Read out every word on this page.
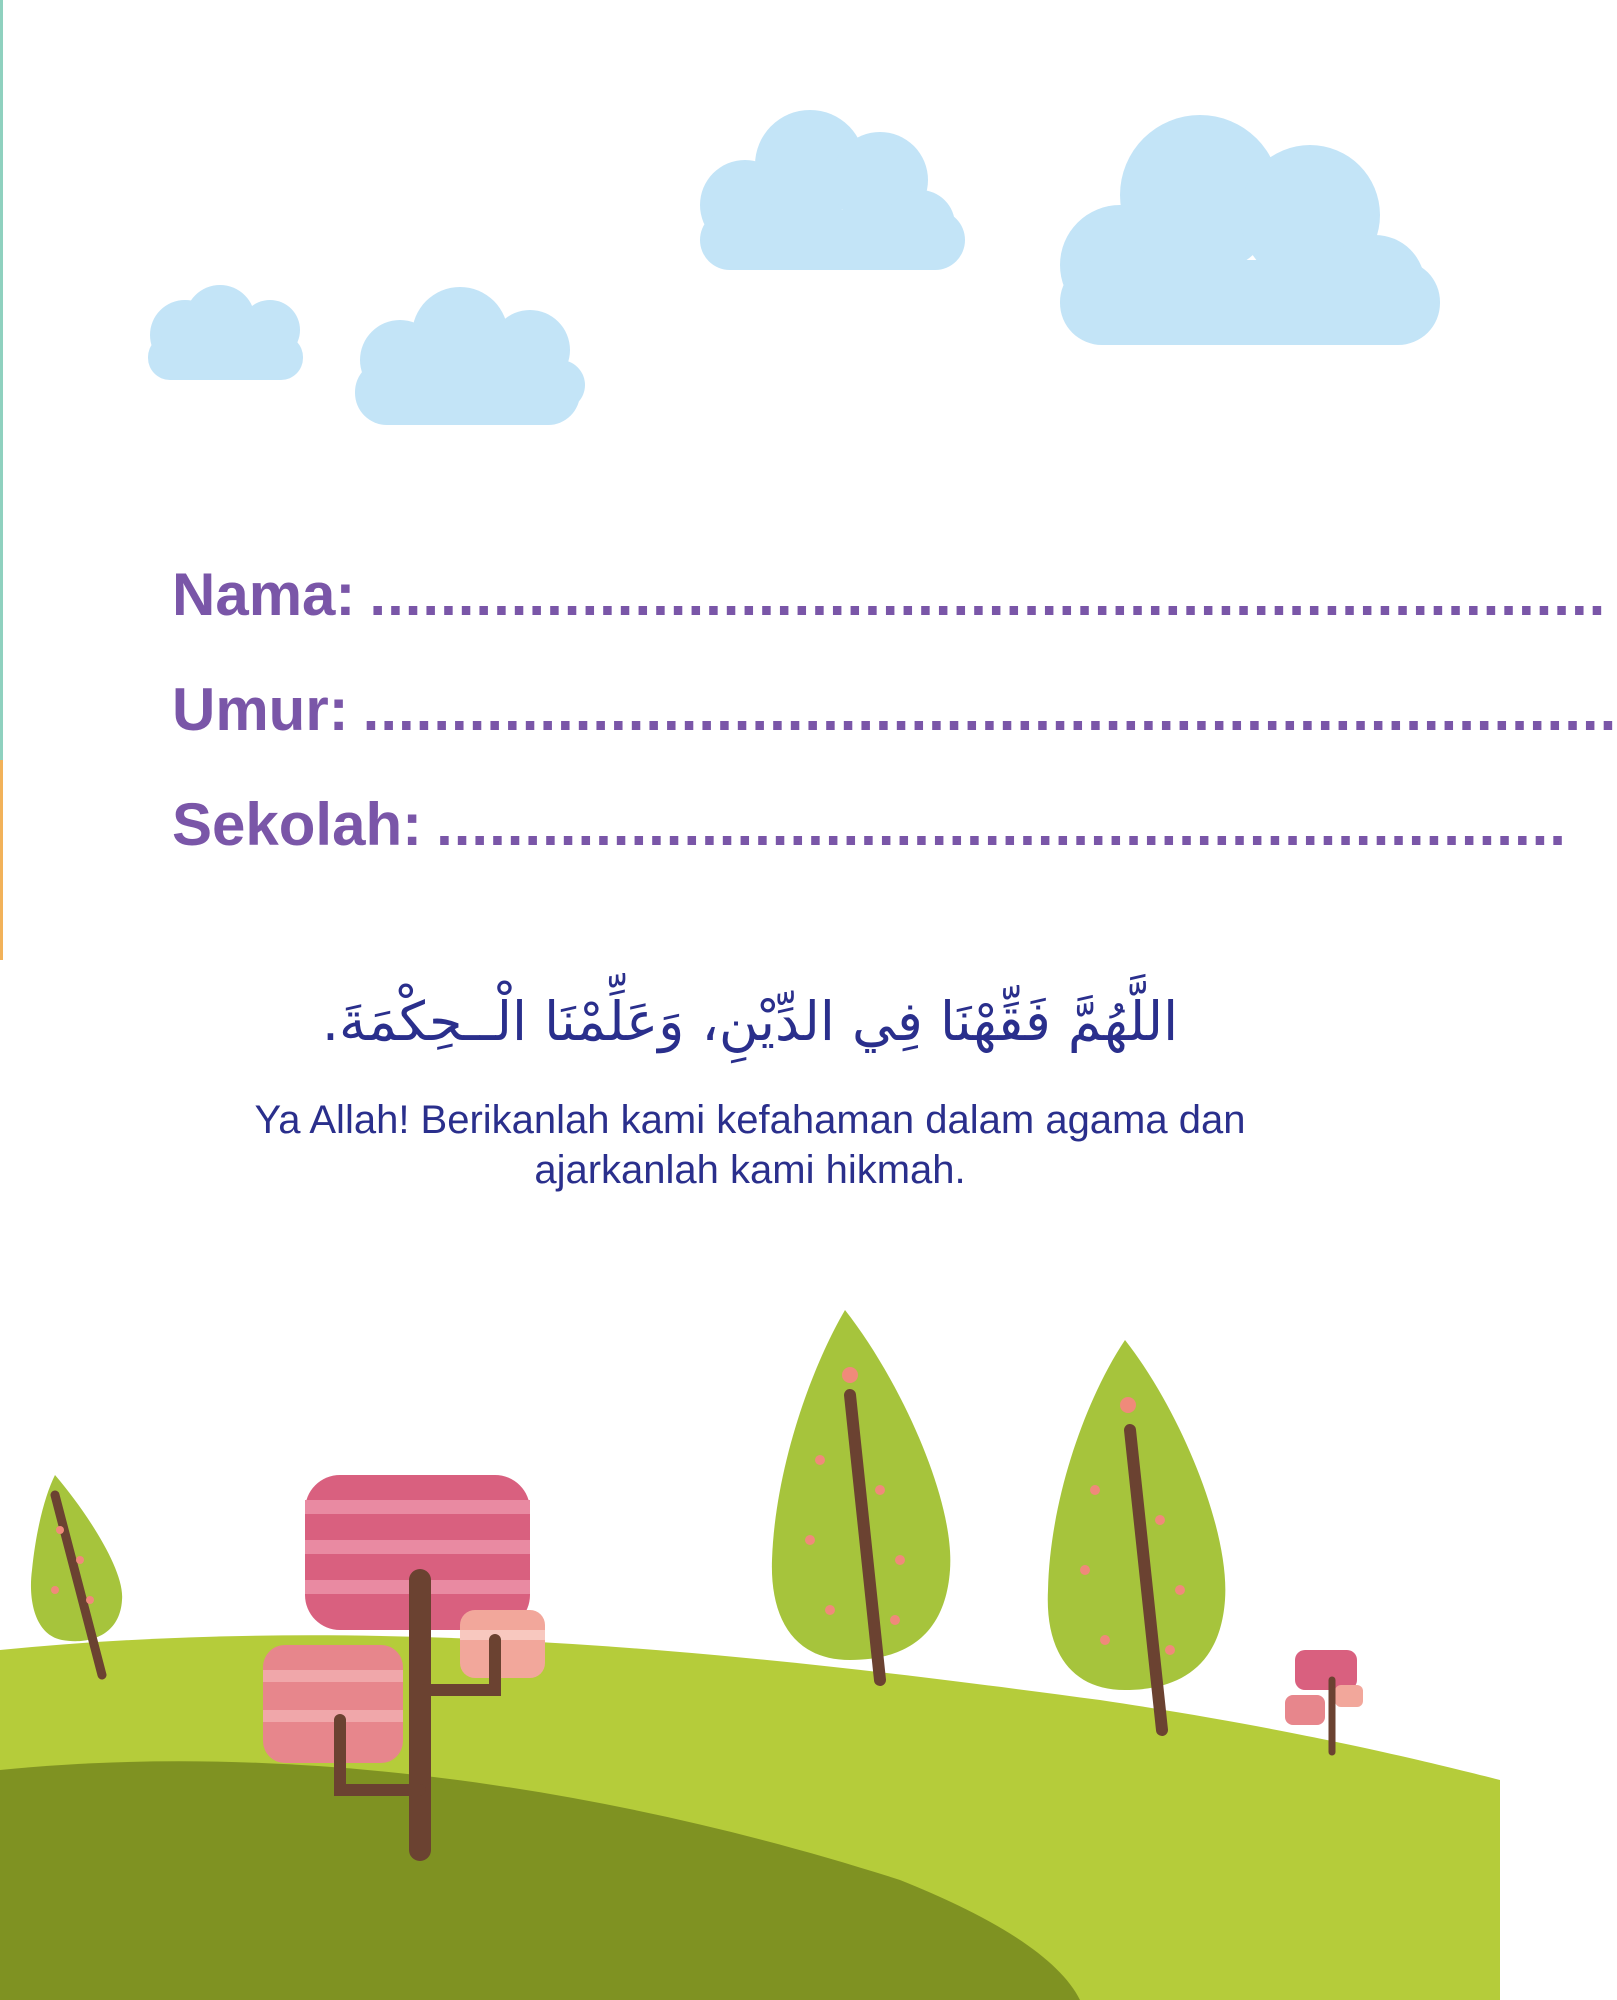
Nama: ......................................................................
Umur: .......................................................................
Sekolah: ................................................................
اللَّهُمَّ فَقِّهْنَا فِي الدِّيْنِ، وَعَلِّمْنَا الْــحِكْمَةَ.
Ya Allah! Berikanlah kami kefahaman dalam agama dan
ajarkanlah kami hikmah.
